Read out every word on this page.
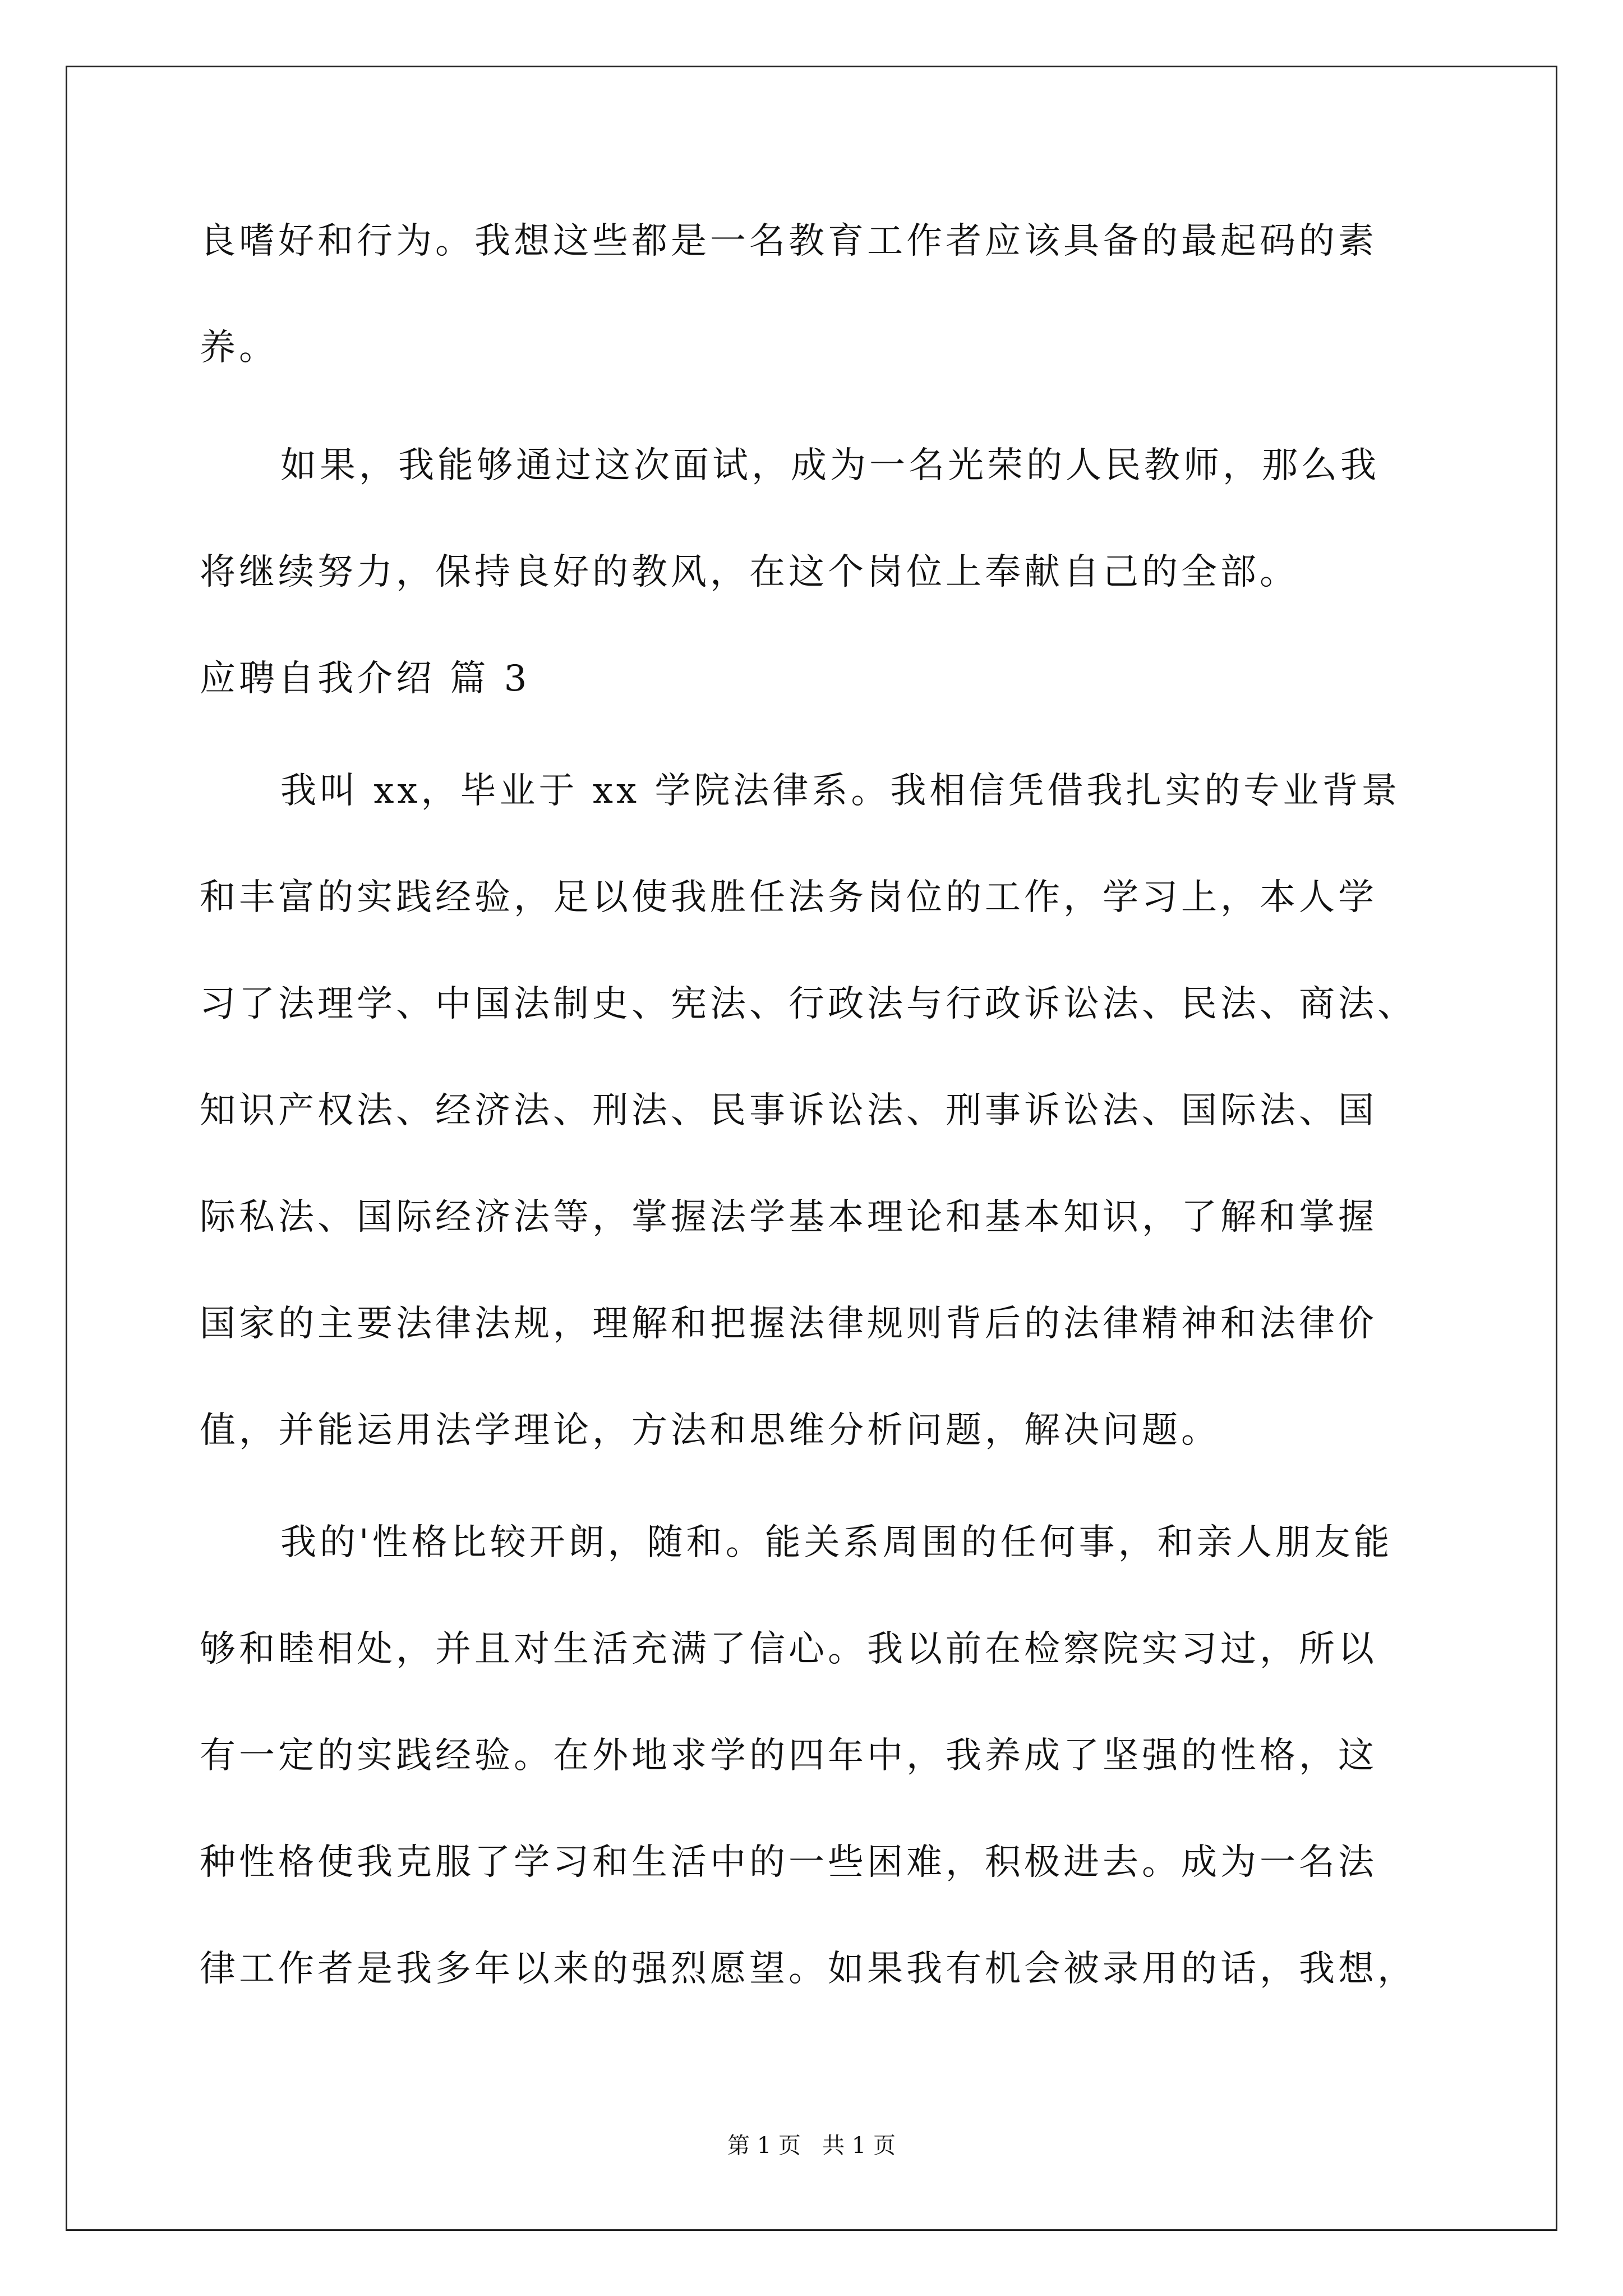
良嗜好和行为。我想这些都是一名教育工作者应该具备的最起码的素
养。
如果，我能够通过这次面试，成为一名光荣的人民教师，那么我
将继续努力，保持良好的教风，在这个岗位上奉献自己的全部。
应聘自我介绍 篇 3
我叫 xx，毕业于 xx 学院法律系。我相信凭借我扎实的专业背景
和丰富的实践经验，足以使我胜任法务岗位的工作，学习上，本人学
习了法理学、中国法制史、宪法、行政法与行政诉讼法、民法、商法、
知识产权法、经济法、刑法、民事诉讼法、刑事诉讼法、国际法、国
际私法、国际经济法等，掌握法学基本理论和基本知识，了解和掌握
国家的主要法律法规，理解和把握法律规则背后的法律精神和法律价
值，并能运用法学理论，方法和思维分析问题，解决问题。
我的'性格比较开朗，随和。能关系周围的任何事，和亲人朋友能
够和睦相处，并且对生活充满了信心。我以前在检察院实习过，所以
有一定的实践经验。在外地求学的四年中，我养成了坚强的性格，这
种性格使我克服了学习和生活中的一些困难，积极进去。成为一名法
律工作者是我多年以来的强烈愿望。如果我有机会被录用的话，我想，
第 1 页   共 1 页
